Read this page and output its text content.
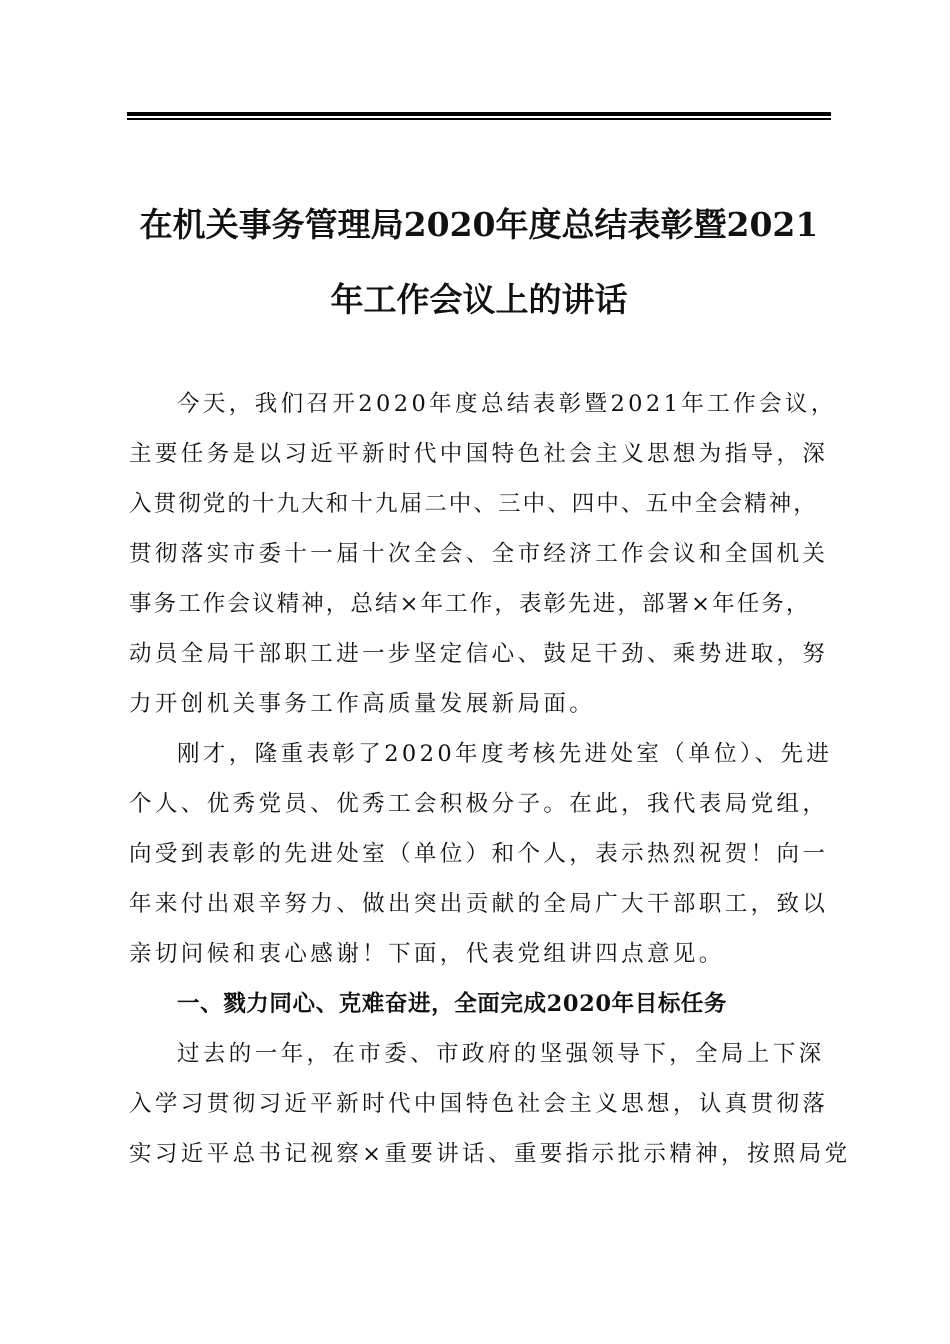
在机关事务管理局2020年度总结表彰暨2021
年工作会议上的讲话
今天，我们召开2020年度总结表彰暨2021年工作会议，
主要任务是以习近平新时代中国特色社会主义思想为指导，深
入贯彻党的十九大和十九届二中、三中、四中、五中全会精神，
贯彻落实市委十一届十次全会、全市经济工作会议和全国机关
事务工作会议精神，总结×年工作，表彰先进，部署×年任务，
动员全局干部职工进一步坚定信心、鼓足干劲、乘势进取，努
力开创机关事务工作高质量发展新局面。
刚才，隆重表彰了2020年度考核先进处室（单位）、先进
个人、优秀党员、优秀工会积极分子。在此，我代表局党组，
向受到表彰的先进处室（单位）和个人，表示热烈祝贺！向一
年来付出艰辛努力、做出突出贡献的全局广大干部职工，致以
亲切问候和衷心感谢！下面，代表党组讲四点意见。
一、戮力同心、克难奋进，全面完成2020年目标任务
过去的一年，在市委、市政府的坚强领导下，全局上下深
入学习贯彻习近平新时代中国特色社会主义思想，认真贯彻落
实习近平总书记视察×重要讲话、重要指示批示精神，按照局党
